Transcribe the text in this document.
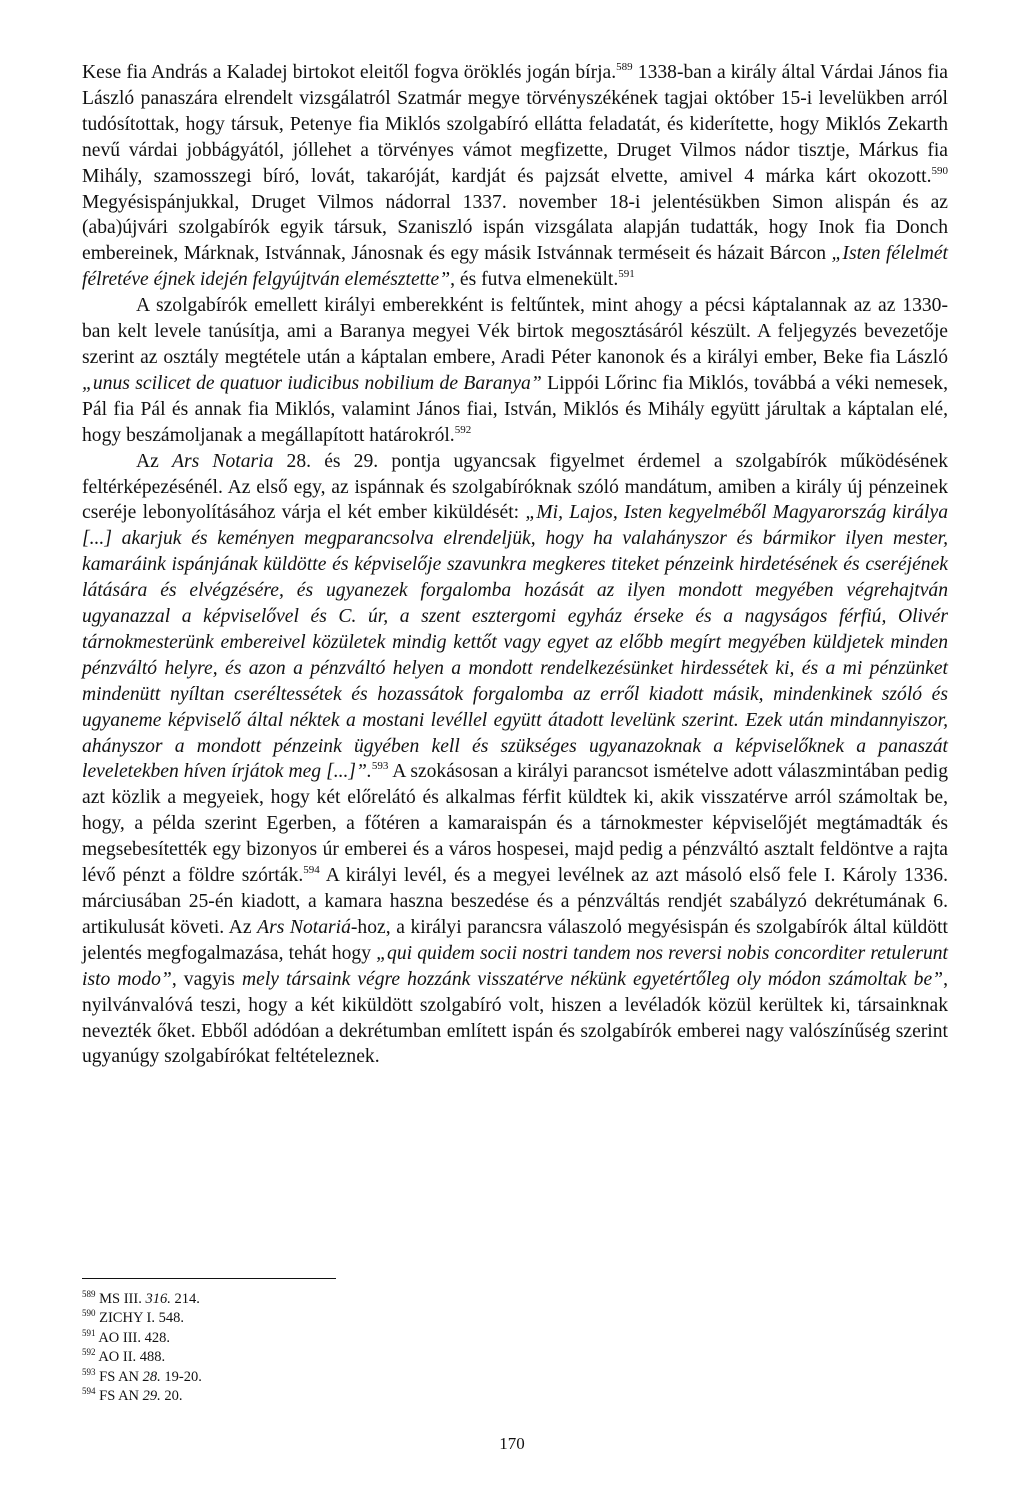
Kese fia András a Kaladej birtokot eleitől fogva öröklés jogán bírja.$^{589}$ 1338-ban a király által Várdai János fia László panaszára elrendelt vizsgálatról Szatmár megye törvényszékének tagjai október 15-i levelükben arról tudósítottak, hogy társuk, Petenye fia Miklós szolgabíró ellátta feladatát, és kiderítette, hogy Miklós Zekarth nevű várdai jobbágyától, jóllehet a törvényes vámot megfizette, Druget Vilmos nádor tisztje, Márkus fia Mihály, szamosszegi bíró, lovát, takaróját, kardját és pajzsát elvette, amivel 4 márka kárt okozott.$^{590}$ Megyésispánjukkal, Druget Vilmos nádorral 1337. november 18-i jelentésükben Simon alispán és az (aba)újvári szolgabírók egyik társuk, Szaniszló ispán vizsgálata alapján tudatták, hogy Inok fia Donch embereinek, Márknak, Istvánnak, Jánosnak és egy másik Istvánnak terméseit és házait Bárcon „Isten félelmét félretéve éjnek idején felgyújtván elemésztette”, és futva elmenekült.$^{591}$

A szolgabírók emellett királyi emberekként is feltűntek, mint ahogy a pécsi káptalannak az az 1330-ban kelt levele tanúsítja, ami a Baranya megyei Vék birtok megosztásáról készült. A feljegyzés bevezetője szerint az osztály megtétele után a káptalan embere, Aradi Péter kanonok és a királyi ember, Beke fia László „unus scilicet de quatuor iudicibus nobilium de Baranya” Lippói Lőrinc fia Miklós, továbbá a véki nemesek, Pál fia Pál és annak fia Miklós, valamint János fiai, István, Miklós és Mihály együtt járultak a káptalan elé, hogy beszámoljanak a megállapított határokról.$^{592}$

Az Ars Notaria 28. és 29. pontja ugyancsak figyelmet érdemel a szolgabírók működésének feltérképezésénél. Az első egy, az ispánnak és szolgabíróknak szóló mandátum, amiben a király új pénzeinek cseréje lebonyolításához várja el két ember kiküldését: „Mi, Lajos, Isten kegyelméből Magyarország királya [...] akarjuk és keményen megparancsolva elrendeljük, hogy ha valahányszor és bármikor ilyen mester, kamaráink ispánjának küldötte és képviselője szavunkra megkeres titeket pénzeink hirdetésének és cseréjének látására és elvégzésére, és ugyanezek forgalomba hozását az ilyen mondott megyében végrehajtván ugyanazzal a képviselővel és C. úr, a szent esztergomi egyház érseke és a nagyságos férfiú, Olivér tárnokmesterünk embereivel közületek mindig kettőt vagy egyet az előbb megírt megyében küldjetek minden pénzváltó helyre, és azon a pénzváltó helyen a mondott rendelkezésünket hirdessétek ki, és a mi pénzünket mindenütt nyíltan cseréltessétek és hozassátok forgalomba az erről kiadott másik, mindenkinek szóló és ugyaneme képviselő által néktek a mostani levéllel együtt átadott levelünk szerint. Ezek után mindannyiszor, ahányszor a mondott pénzeink ügyében kell és szükséges ugyanazoknak a képviselőknek a panaszát leveletekben híven írjátok meg [...]”.$^{593}$ A szokásosan a királyi parancsot ismételve adott válaszmintában pedig azt közlik a megyeiek, hogy két előrelátó és alkalmas férfit küldtek ki, akik visszatérve arról számoltak be, hogy, a példa szerint Egerben, a főtéren a kamaraispán és a tárnokmester képviselőjét megtámadták és megsebesítették egy bizonyos úr emberei és a város hospesei, majd pedig a pénzváltó asztalt feldöntve a rajta lévő pénzt a földre szórták.$^{594}$ A királyi levél, és a megyei levélnek az azt másoló első fele I. Károly 1336. márciusában 25-én kiadott, a kamara haszna beszedése és a pénzváltás rendjét szabályzó dekrétumának 6. artikulusát követi. Az Ars Notariá-hoz, a királyi parancsra válaszoló megyésispán és szolgabírók által küldött jelentés megfogalmazása, tehát hogy „qui quidem socii nostri tandem nos reversi nobis concorditer retulerunt isto modo”, vagyis mely társaink végre hozzánk visszatérve nékünk egyetértőleg oly módon számoltak be”, nyilvánvalóvá teszi, hogy a két kiküldött szolgabíró volt, hiszen a levéladók közül kerültek ki, társainknak nevezték őket. Ebből adódóan a dekrétumban említett ispán és szolgabírók emberei nagy valószínűség szerint ugyanúgy szolgabírókat feltételeznek.

$^{589}$ MS III. 316. 214.
$^{590}$ ZICHY I. 548.
$^{591}$ AO III. 428.
$^{592}$ AO II. 488.
$^{593}$ FS AN 28. 19-20.
$^{594}$ FS AN 29. 20.
170
